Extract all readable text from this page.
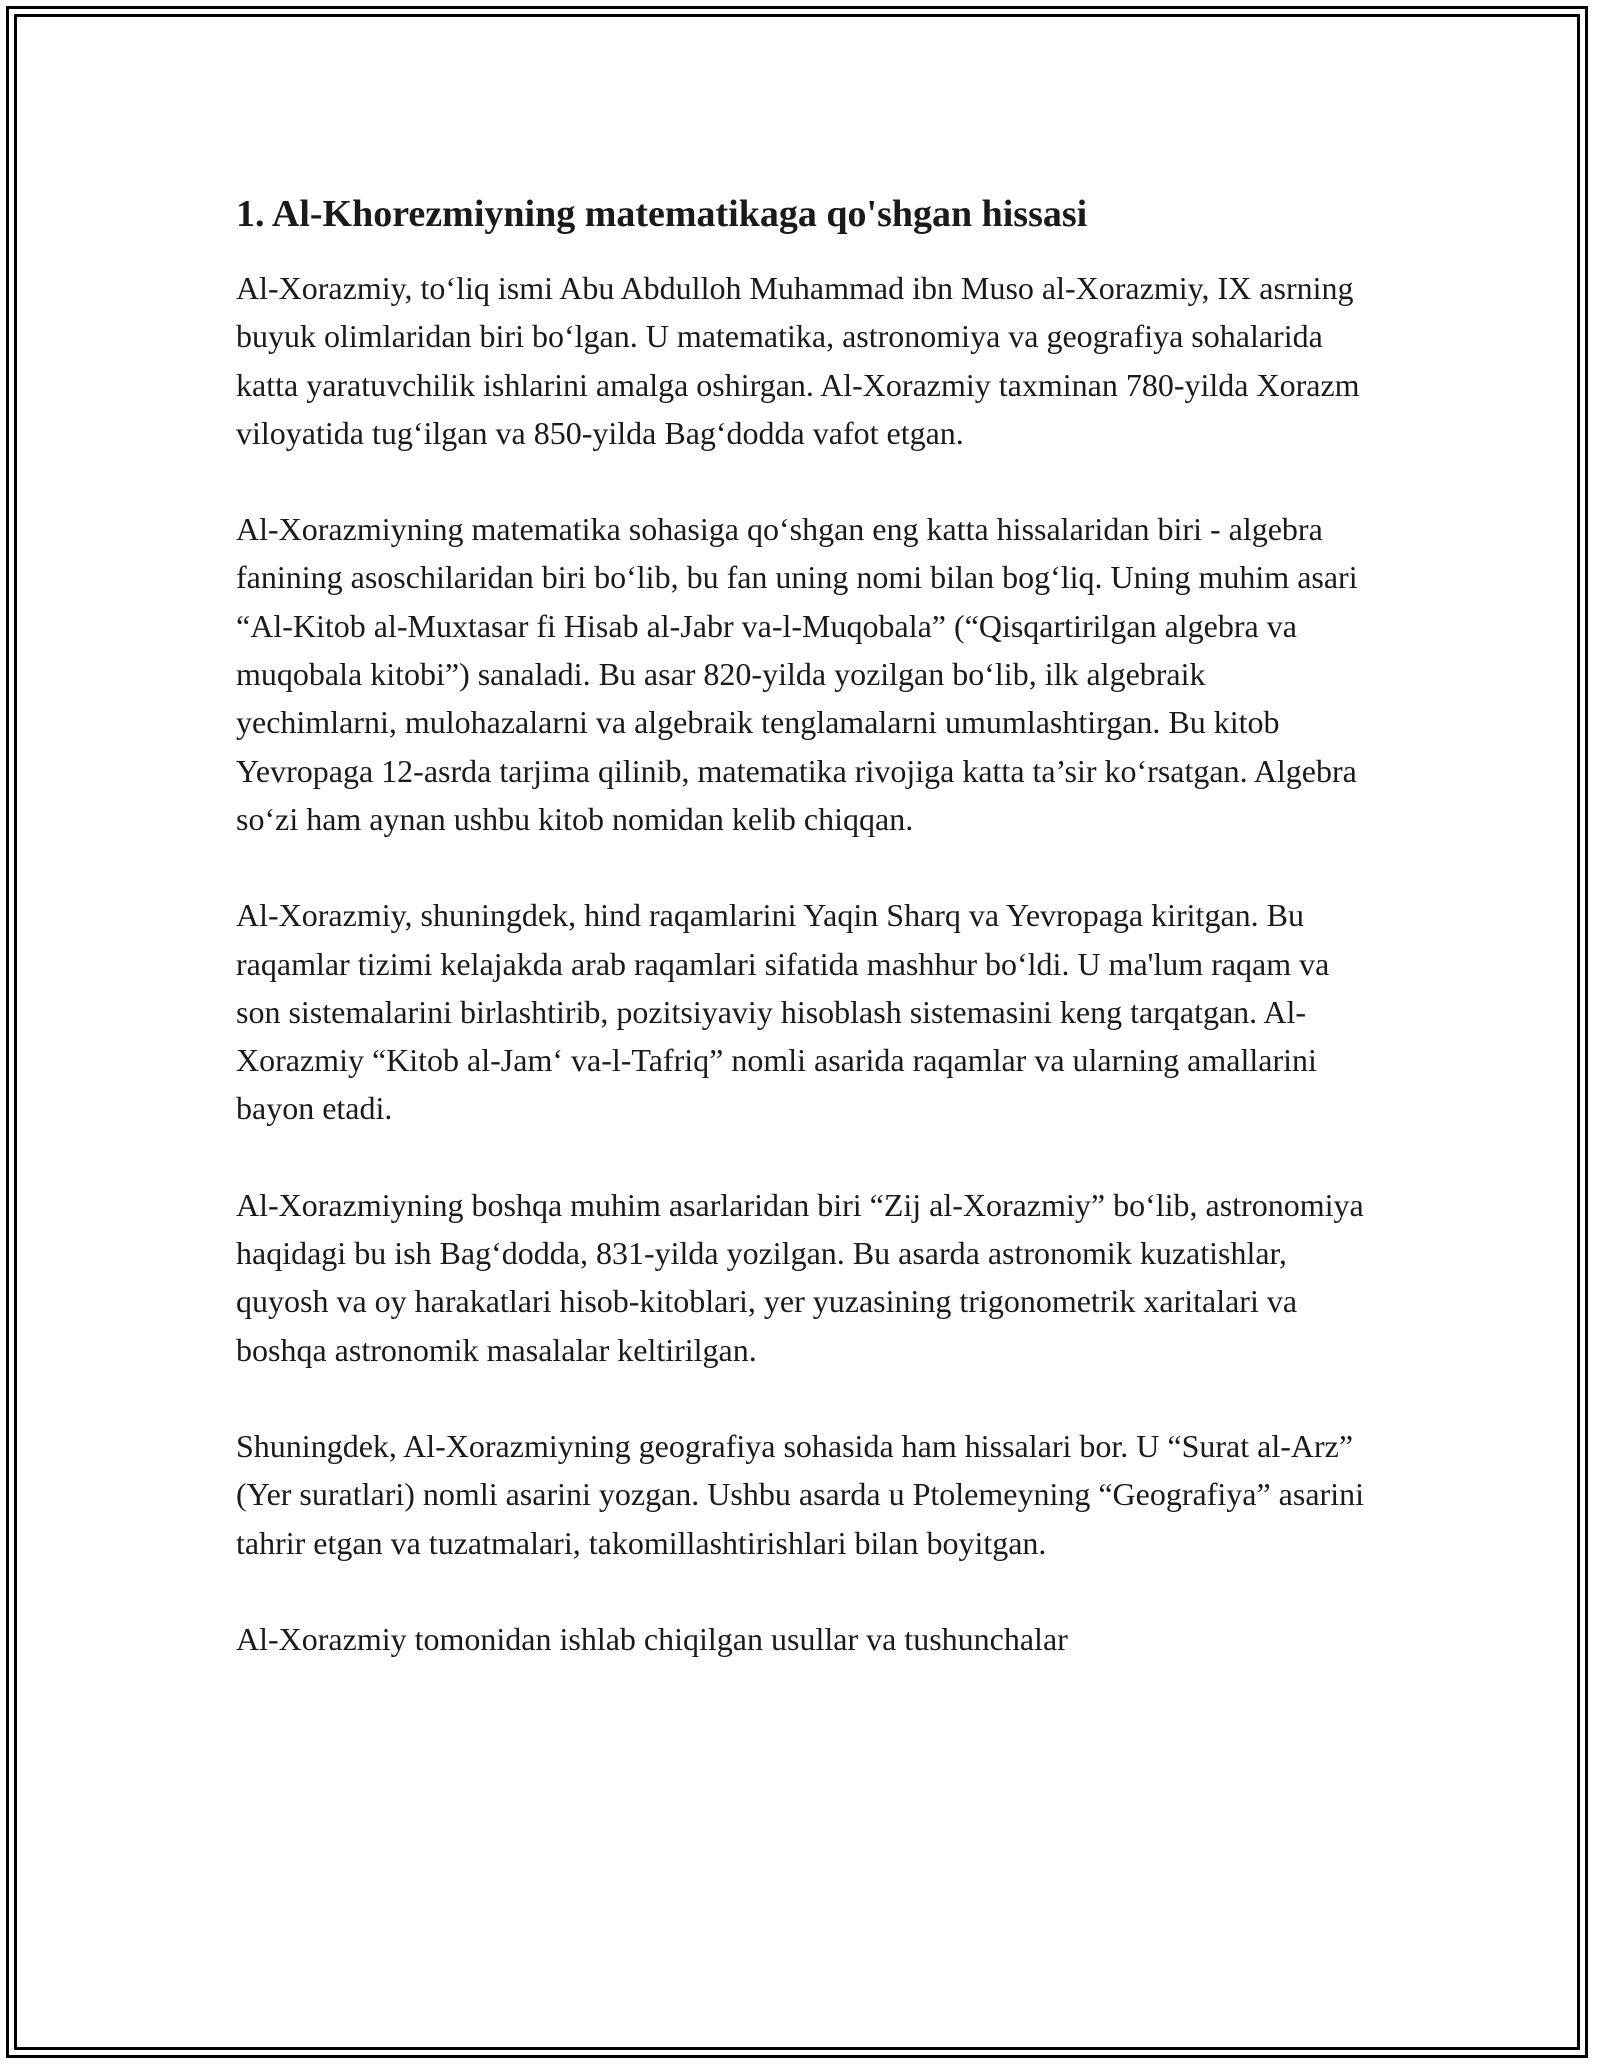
1. Al-Khorezmiyning matematikaga qo'shgan hissasi

Al-Xorazmiy, to‘liq ismi Abu Abdulloh Muhammad ibn Muso al-Xorazmiy, IX asrning buyuk olimlaridan biri bo‘lgan. U matematika, astronomiya va geografiya sohalarida katta yaratuvchilik ishlarini amalga oshirgan. Al-Xorazmiy taxminan 780-yilda Xorazm viloyatida tug‘ilgan va 850-yilda Bag‘dodda vafot etgan.

Al-Xorazmiyning matematika sohasiga qo‘shgan eng katta hissalaridan biri - algebra fanining asoschilaridan biri bo‘lib, bu fan uning nomi bilan bog‘liq. Uning muhim asari “Al-Kitob al-Muxtasar fi Hisab al-Jabr va-l-Muqobala” (“Qisqartirilgan algebra va muqobala kitobi”) sanaladi. Bu asar 820-yilda yozilgan bo‘lib, ilk algebraik yechimlarni, mulohazalarni va algebraik tenglamalarni umumlashtirgan. Bu kitob Yevropaga 12-asrda tarjima qilinib, matematika rivojiga katta ta’sir ko‘rsatgan. Algebra so‘zi ham aynan ushbu kitob nomidan kelib chiqqan.

Al-Xorazmiy, shuningdek, hind raqamlarini Yaqin Sharq va Yevropaga kiritgan. Bu raqamlar tizimi kelajakda arab raqamlari sifatida mashhur bo‘ldi. U ma'lum raqam va son sistemalarini birlashtirib, pozitsiyaviy hisoblash sistemasini keng tarqatgan. Al-Xorazmiy “Kitob al-Jam‘ va-l-Tafriq” nomli asarida raqamlar va ularning amallarini bayon etadi.

Al-Xorazmiyning boshqa muhim asarlaridan biri “Zij al-Xorazmiy” bo‘lib, astronomiya haqidagi bu ish Bag‘dodda, 831-yilda yozilgan. Bu asarda astronomik kuzatishlar, quyosh va oy harakatlari hisob-kitoblari, yer yuzasining trigonometrik xaritalari va boshqa astronomik masalalar keltirilgan.

Shuningdek, Al-Xorazmiyning geografiya sohasida ham hissalari bor. U “Surat al-Arz” (Yer suratlari) nomli asarini yozgan. Ushbu asarda u Ptolemeyning “Geografiya” asarini tahrir etgan va tuzatmalari, takomillashtirishlari bilan boyitgan.

Al-Xorazmiy tomonidan ishlab chiqilgan usullar va tushunchalar
